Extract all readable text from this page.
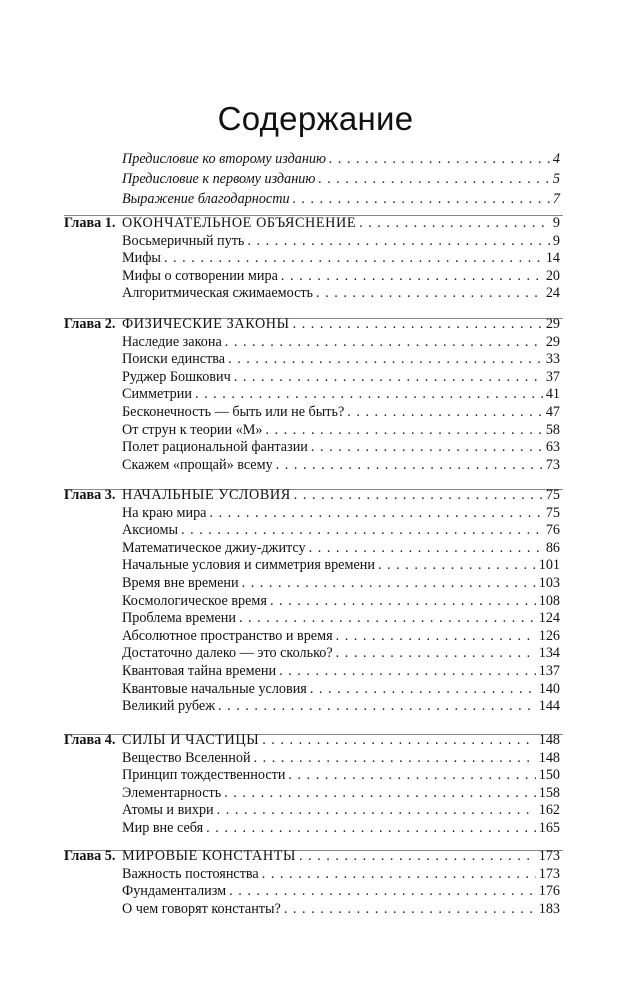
Содержание
Предисловие ко второму изданию . . .	4
Предисловие к первому изданию . . .	5
Выражение благодарности . . .	7
Глава 1. ОКОНЧАТЕЛЬНОЕ ОБЪЯСНЕНИЕ . . .	9
Восьмеричный путь . . .	9
Мифы . . .	14
Мифы о сотворении мира . . .	20
Алгоритмическая сжимаемость . . .	24
Глава 2. ФИЗИЧЕСКИЕ ЗАКОНЫ . . .	29
Наследие закона . . .	29
Поиски единства . . .	33
Руджер Бошкович . . .	37
Симметрии . . .	41
Бесконечность — быть или не быть? . . .	47
От струн к теории «М» . . .	58
Полет рациональной фантазии . . .	63
Скажем «прощай» всему . . .	73
Глава 3. НАЧАЛЬНЫЕ УСЛОВИЯ . . .	75
На краю мира . . .	75
Аксиомы . . .	76
Математическое джиу-джитсу . . .	86
Начальные условия и симметрия времени . . .	101
Время вне времени . . .	103
Космологическое время . . .	108
Проблема времени . . .	124
Абсолютное пространство и время . . .	126
Достаточно далеко — это сколько? . . .	134
Квантовая тайна времени . . .	137
Квантовые начальные условия . . .	140
Великий рубеж . . .	144
Глава 4. СИЛЫ И ЧАСТИЦЫ . . .	148
Вещество Вселенной . . .	148
Принцип тождественности . . .	150
Элементарность . . .	158
Атомы и вихри . . .	162
Мир вне себя . . .	165
Глава 5. МИРОВЫЕ КОНСТАНТЫ . . .	173
Важность постоянства . . .	173
Фундаментализм . . .	176
О чем говорят константы? . . .	183
